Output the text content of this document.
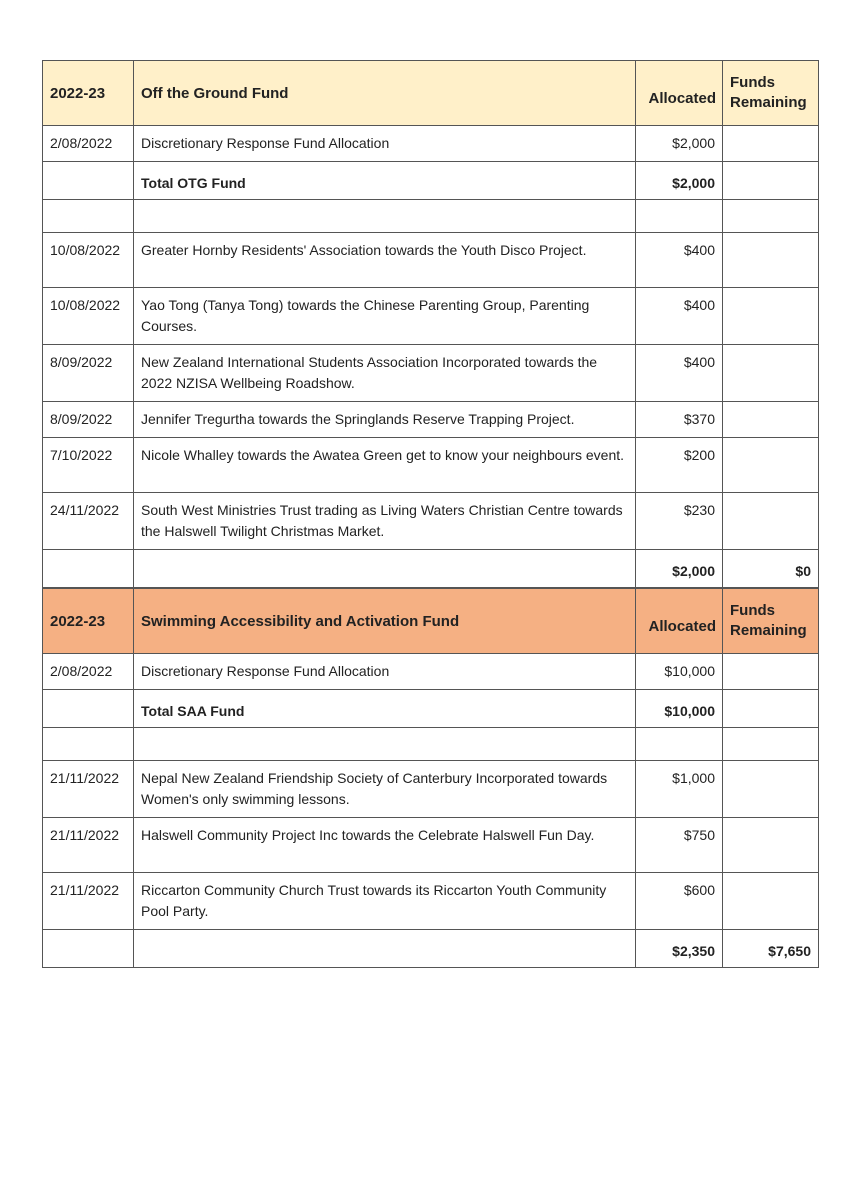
2022-23	Off the Ground Fund	Allocated	Funds Remaining
2/08/2022	Discretionary Response Fund Allocation	$2,000	
	Total OTG Fund	$2,000	

10/08/2022	Greater Hornby Residents' Association towards the Youth Disco Project.	$400	
10/08/2022	Yao Tong (Tanya Tong) towards the Chinese Parenting Group, Parenting Courses.	$400	
8/09/2022	New Zealand International Students Association Incorporated towards the 2022 NZISA Wellbeing Roadshow.	$400	
8/09/2022	Jennifer Tregurtha towards the Springlands Reserve Trapping Project.	$370	
7/10/2022	Nicole Whalley towards the Awatea Green get to know your neighbours event.	$200	
24/11/2022	South West Ministries Trust trading as Living Waters Christian Centre towards the Halswell Twilight Christmas Market.	$230	
		$2,000	$0
2022-23	Swimming Accessibility and Activation Fund	Allocated	Funds Remaining
2/08/2022	Discretionary Response Fund Allocation	$10,000	
	Total SAA Fund	$10,000	

21/11/2022	Nepal New Zealand Friendship Society of Canterbury Incorporated towards Women's only swimming lessons.	$1,000	
21/11/2022	Halswell Community Project Inc towards the Celebrate Halswell Fun Day.	$750	
21/11/2022	Riccarton Community Church Trust towards its Riccarton Youth Community Pool Party.	$600	
		$2,350	$7,650
